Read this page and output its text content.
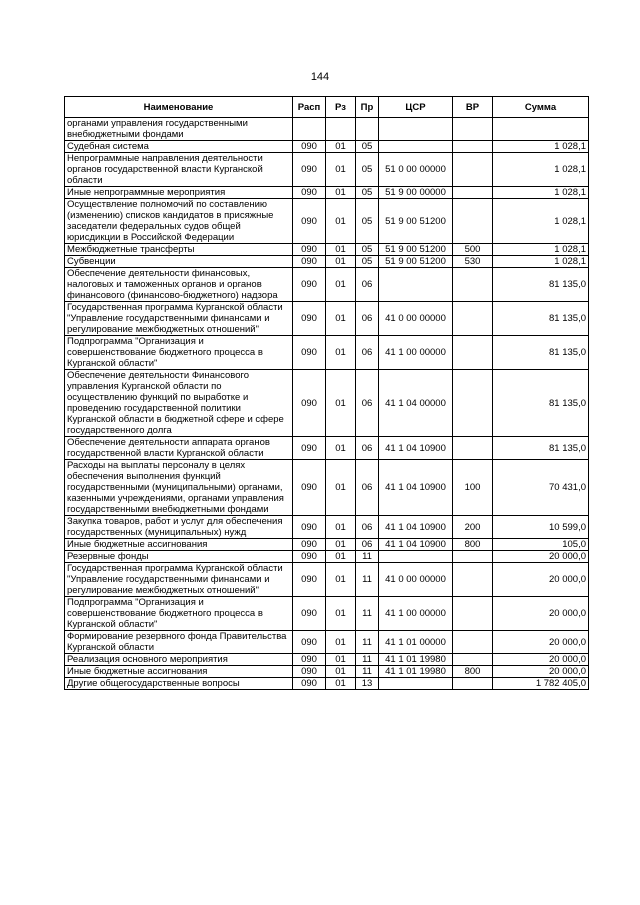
144
Наименование	Расп	Рз	Пр	ЦСР	ВР	Сумма
органами управления государственными внебюджетными фондами						
Судебная система	090	01	05			1 028,1
Непрограммные направления деятельности органов государственной власти Курганской области	090	01	05	51 0 00 00000		1 028,1
Иные непрограммные мероприятия	090	01	05	51 9 00 00000		1 028,1
Осуществление полномочий по составлению (изменению) списков кандидатов в присяжные заседатели федеральных судов общей юрисдикции в Российской Федерации	090	01	05	51 9 00 51200		1 028,1
Межбюджетные трансферты	090	01	05	51 9 00 51200	500	1 028,1
Субвенции	090	01	05	51 9 00 51200	530	1 028,1
Обеспечение деятельности финансовых, налоговых и таможенных органов и органов финансового (финансово-бюджетного) надзора	090	01	06			81 135,0
Государственная программа Курганской области "Управление государственными финансами и регулирование межбюджетных отношений"	090	01	06	41 0 00 00000		81 135,0
Подпрограмма "Организация и совершенствование бюджетного процесса в Курганской области"	090	01	06	41 1 00 00000		81 135,0
Обеспечение деятельности Финансового управления Курганской области по осуществлению функций по выработке и проведению государственной политики Курганской области в бюджетной сфере и сфере государственного долга	090	01	06	41 1 04 00000		81 135,0
Обеспечение деятельности аппарата органов государственной власти Курганской области	090	01	06	41 1 04 10900		81 135,0
Расходы на выплаты персоналу в целях обеспечения выполнения функций государственными (муниципальными) органами, казенными учреждениями, органами управления государственными внебюджетными фондами	090	01	06	41 1 04 10900	100	70 431,0
Закупка товаров, работ и услуг для обеспечения государственных (муниципальных) нужд	090	01	06	41 1 04 10900	200	10 599,0
Иные бюджетные ассигнования	090	01	06	41 1 04 10900	800	105,0
Резервные фонды	090	01	11			20 000,0
Государственная программа Курганской области "Управление государственными финансами и регулирование межбюджетных отношений"	090	01	11	41 0 00 00000		20 000,0
Подпрограмма "Организация и совершенствование бюджетного процесса в Курганской области"	090	01	11	41 1 00 00000		20 000,0
Формирование резервного фонда Правительства Курганской области	090	01	11	41 1 01 00000		20 000,0
Реализация основного мероприятия	090	01	11	41 1 01 19980		20 000,0
Иные бюджетные ассигнования	090	01	11	41 1 01 19980	800	20 000,0
Другие общегосударственные вопросы	090	01	13			1 782 405,0
